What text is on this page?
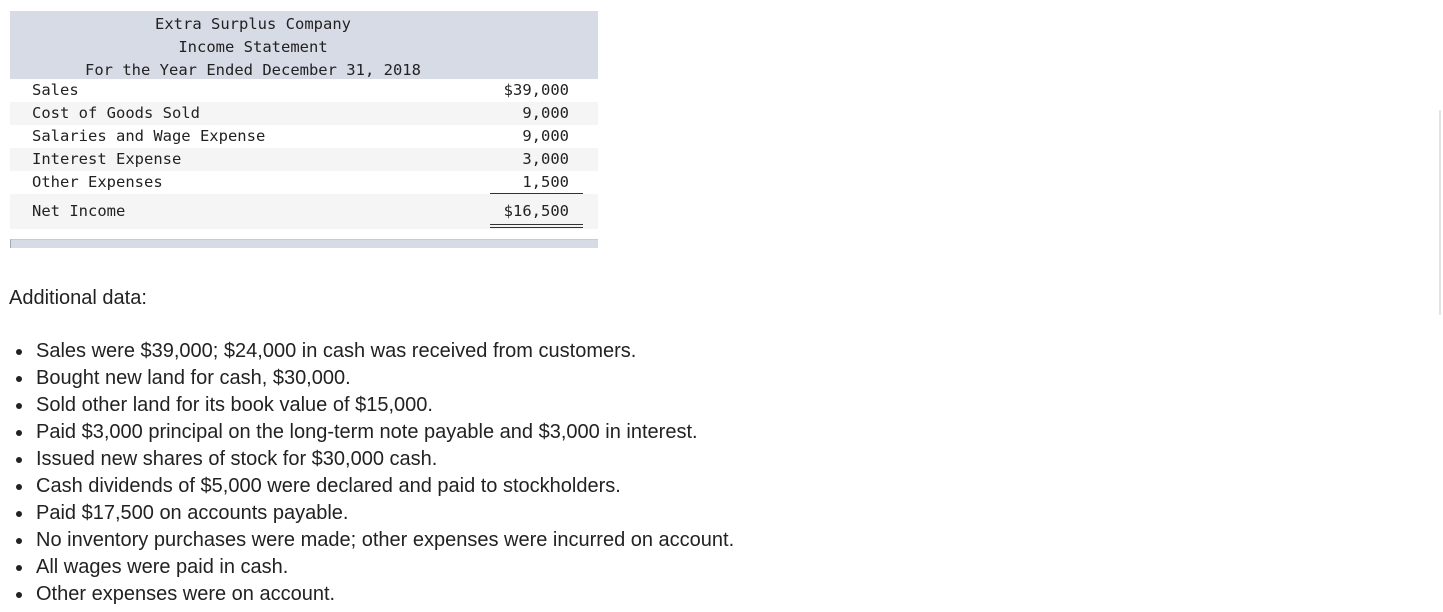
Extra Surplus Company
Income Statement
For the Year Ended December 31, 2018
Sales	$39,000
Cost of Goods Sold	9,000
Salaries and Wage Expense	9,000
Interest Expense	3,000
Other Expenses	1,500
Net Income	$16,500
Additional data:
Sales were $39,000; $24,000 in cash was received from customers.
Bought new land for cash, $30,000.
Sold other land for its book value of $15,000.
Paid $3,000 principal on the long-term note payable and $3,000 in interest.
Issued new shares of stock for $30,000 cash.
Cash dividends of $5,000 were declared and paid to stockholders.
Paid $17,500 on accounts payable.
No inventory purchases were made; other expenses were incurred on account.
All wages were paid in cash.
Other expenses were on account.
